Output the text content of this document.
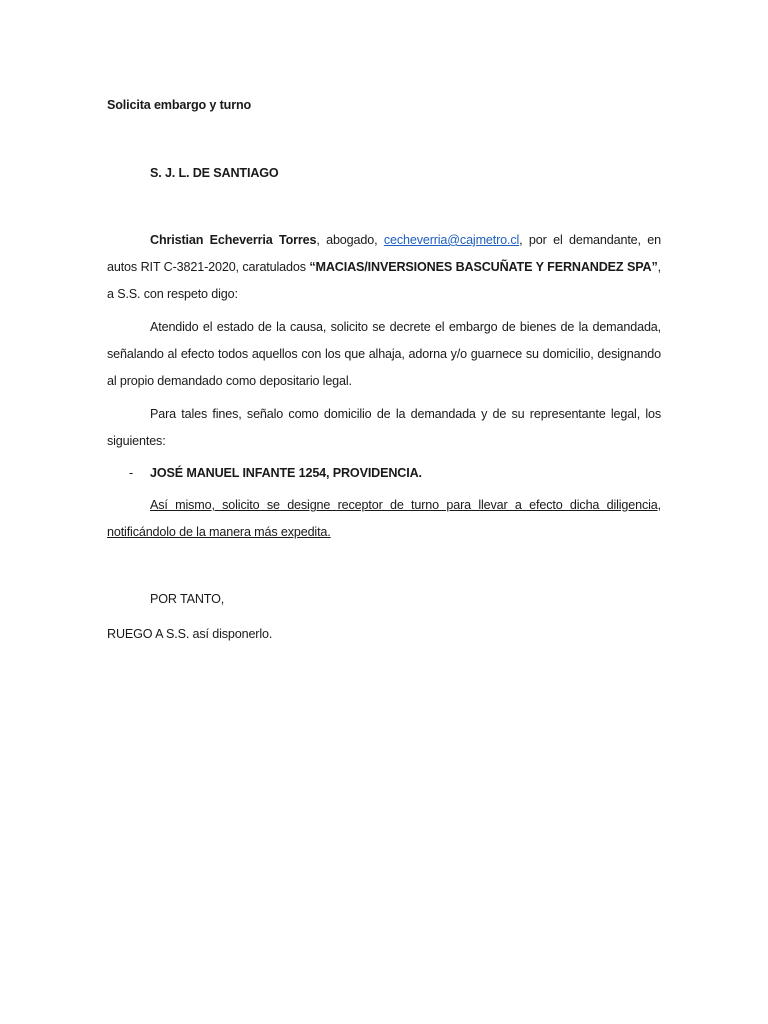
Solicita embargo y turno

S. J. L. DE SANTIAGO

Christian Echeverria Torres, abogado, cecheverria@cajmetro.cl, por el demandante, en autos RIT C-3821-2020, caratulados “MACIAS/INVERSIONES BASCUÑATE Y FERNANDEZ SPA”, a S.S. con respeto digo:

Atendido el estado de la causa, solicito se decrete el embargo de bienes de la demandada, señalando al efecto todos aquellos con los que alhaja, adorna y/o guarnece su domicilio, designando al propio demandado como depositario legal.

Para tales fines, señalo como domicilio de la demandada y de su representante legal, los siguientes:

-	JOSÉ MANUEL INFANTE 1254, PROVIDENCIA.

Así mismo, solicito se designe receptor de turno para llevar a efecto dicha diligencia, notificándolo de la manera más expedita.

POR TANTO,

RUEGO A S.S. así disponerlo.
